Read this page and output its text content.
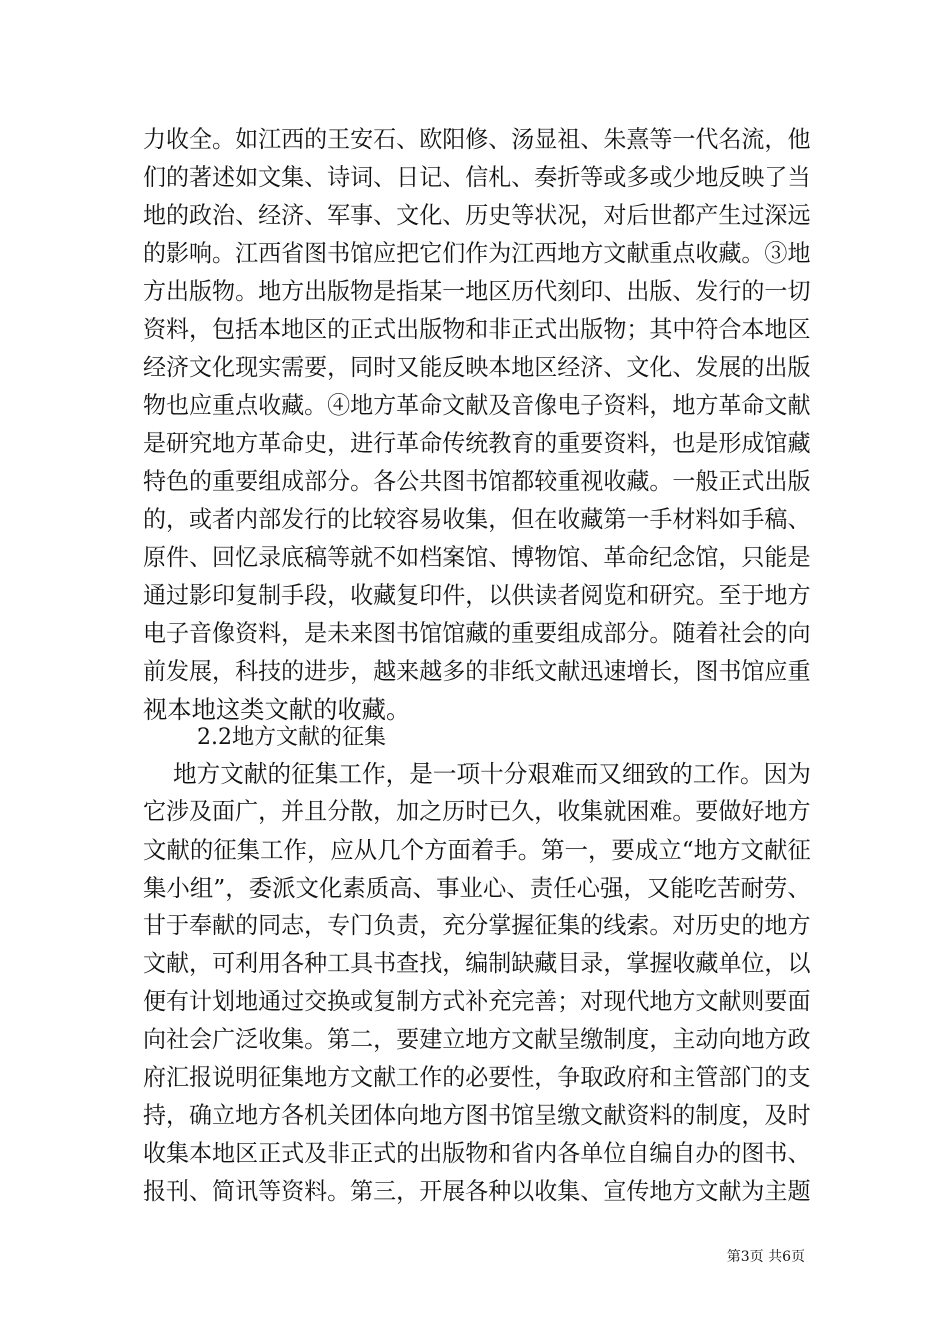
力收全。如江西的王安石、欧阳修、汤显祖、朱熹等一代名流，他
们的著述如文集、诗词、日记、信札、奏折等或多或少地反映了当
地的政治、经济、军事、文化、历史等状况，对后世都产生过深远
的影响。江西省图书馆应把它们作为江西地方文献重点收藏。③地
方出版物。地方出版物是指某一地区历代刻印、出版、发行的一切
资料，包括本地区的正式出版物和非正式出版物；其中符合本地区
经济文化现实需要，同时又能反映本地区经济、文化、发展的出版
物也应重点收藏。④地方革命文献及音像电子资料，地方革命文献
是研究地方革命史，进行革命传统教育的重要资料，也是形成馆藏
特色的重要组成部分。各公共图书馆都较重视收藏。一般正式出版
的，或者内部发行的比较容易收集，但在收藏第一手材料如手稿、
原件、回忆录底稿等就不如档案馆、博物馆、革命纪念馆，只能是
通过影印复制手段，收藏复印件，以供读者阅览和研究。至于地方
电子音像资料，是未来图书馆馆藏的重要组成部分。随着社会的向
前发展，科技的进步，越来越多的非纸文献迅速增长，图书馆应重
视本地这类文献的收藏。
2.2地方文献的征集
地方文献的征集工作，是一项十分艰难而又细致的工作。因为
它涉及面广，并且分散，加之历时已久，收集就困难。要做好地方
文献的征集工作，应从几个方面着手。第一，要成立“地方文献征
集小组”，委派文化素质高、事业心、责任心强，又能吃苦耐劳、
甘于奉献的同志，专门负责，充分掌握征集的线索。对历史的地方
文献，可利用各种工具书查找，编制缺藏目录，掌握收藏单位，以
便有计划地通过交换或复制方式补充完善；对现代地方文献则要面
向社会广泛收集。第二，要建立地方文献呈缴制度，主动向地方政
府汇报说明征集地方文献工作的必要性，争取政府和主管部门的支
持，确立地方各机关团体向地方图书馆呈缴文献资料的制度，及时
收集本地区正式及非正式的出版物和省内各单位自编自办的图书、
报刊、简讯等资料。第三，开展各种以收集、宣传地方文献为主题
第3页 共6页
